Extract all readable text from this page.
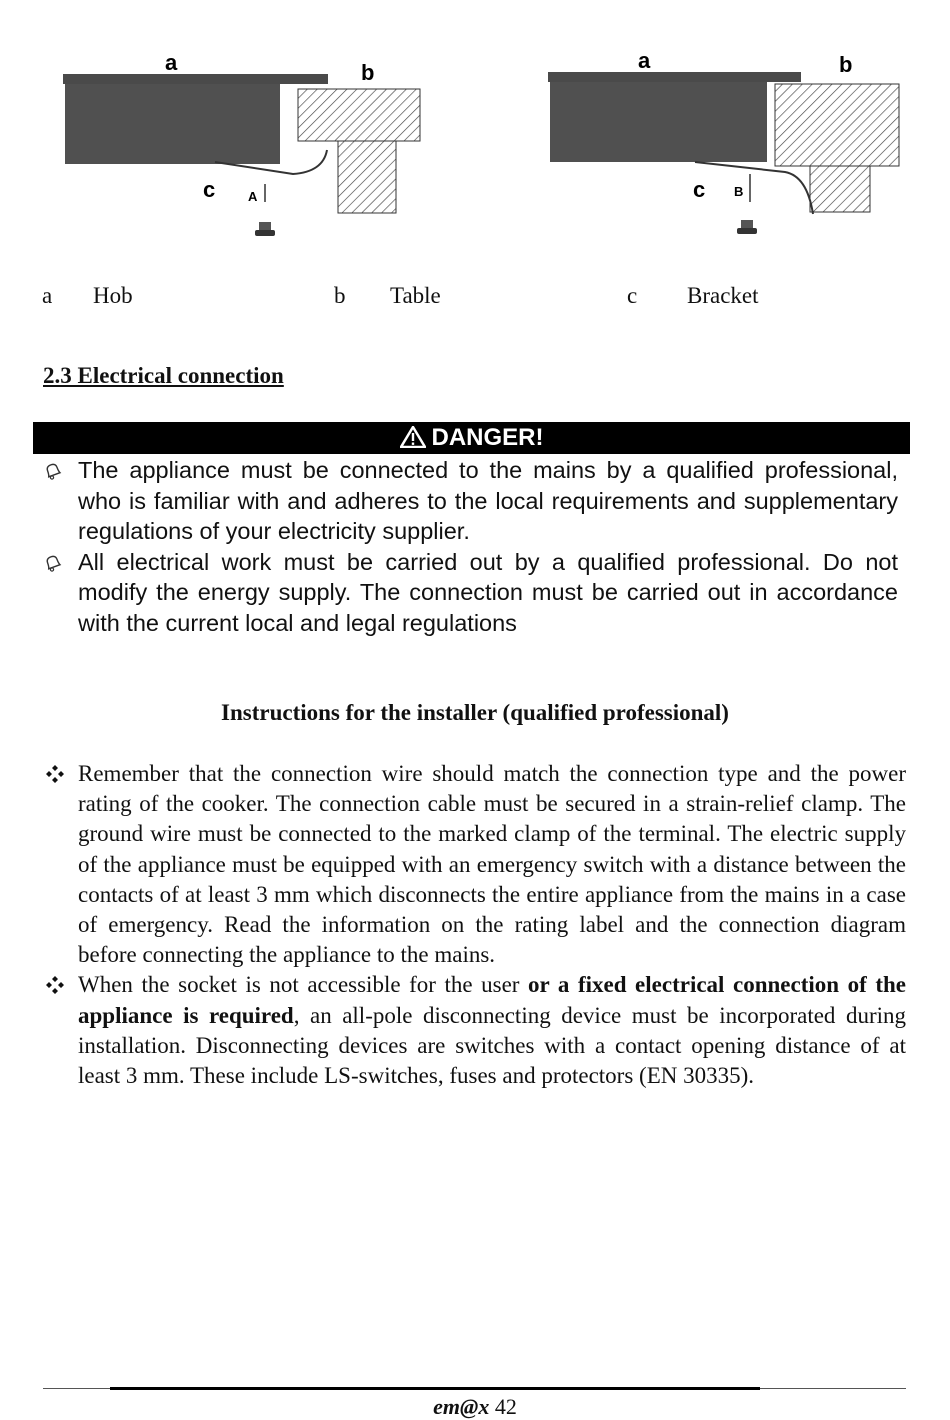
a	b
c	A
a	b
c B
a Hob	b Table	c Bracket
2.3 Electrical connection
DANGER!
The appliance must be connected to the mains by a qualified professional, who is familiar with and adheres to the local requirements and supplementary regulations of your electricity supplier.
All electrical work must be carried out by a qualified professional. Do not modify the energy supply. The connection must be carried out in accordance with the current local and legal regulations
Instructions for the installer (qualified professional)
Remember that the connection wire should match the connection type and the power rating of the cooker. The connection cable must be secured in a strain-relief clamp. The ground wire must be connected to the marked clamp of the terminal. The electric supply of the appliance must be equipped with an emergency switch with a distance between the contacts of at least 3 mm which disconnects the entire appliance from the mains in a case of emergency. Read the information on the rating label and the connection diagram before connecting the appliance to the mains.
When the socket is not accessible for the user or a fixed electrical connection of the appliance is required, an all-pole disconnecting device must be incorporated during installation. Disconnecting devices are switches with a contact opening distance of at least 3 mm. These include LS-switches, fuses and protectors (EN 30335).
em@x 42
